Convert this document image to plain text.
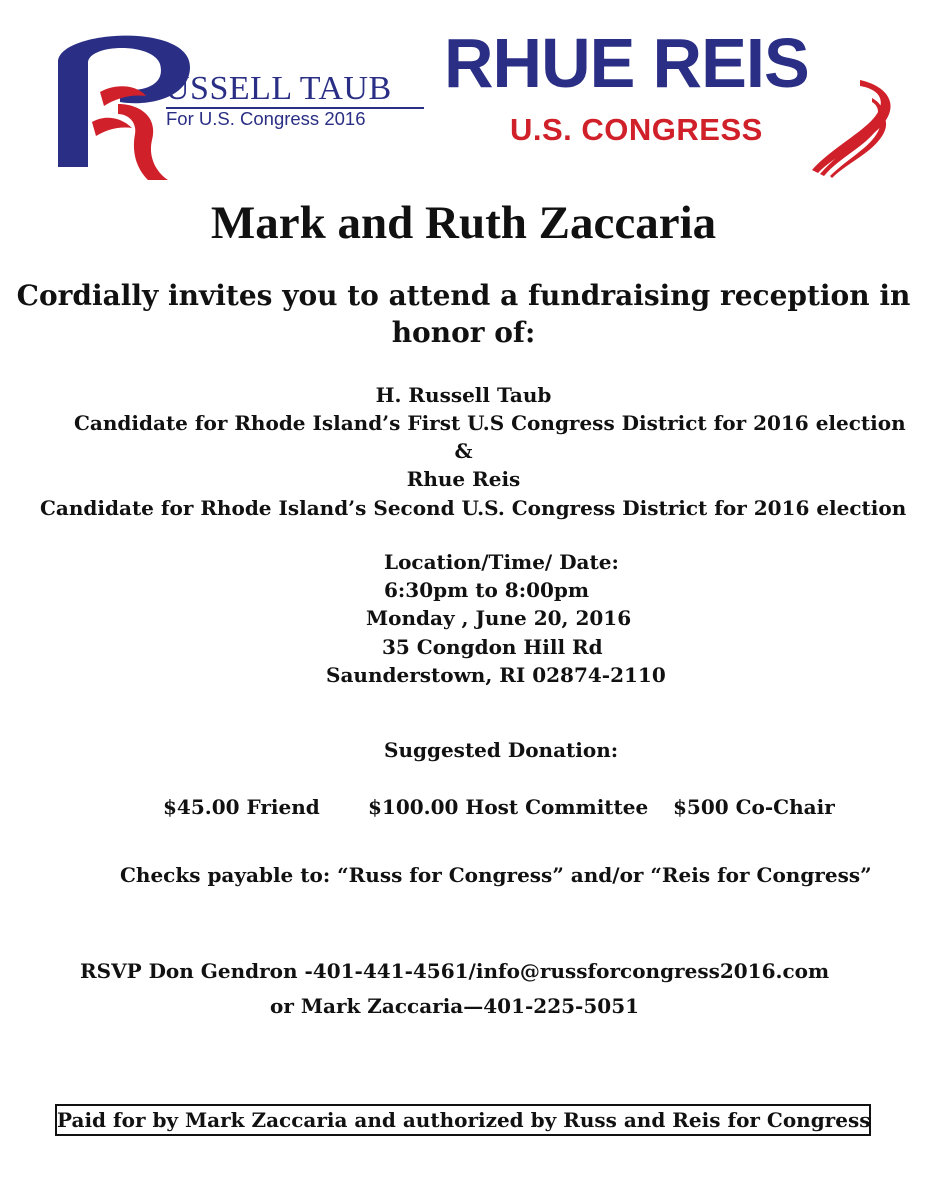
USSELL TAUB
For U.S. Congress 2016
RHUE REIS
U.S. CONGRESS
Mark and Ruth Zaccaria
Cordially invites you to attend a fundraising reception in
honor of:
H. Russell Taub
Candidate for Rhode Island’s First U.S Congress District for 2016 election
&
Rhue Reis
Candidate for Rhode Island’s Second U.S. Congress District for 2016 election
Location/Time/ Date:
6:30pm to 8:00pm
Monday , June 20, 2016
35 Congdon Hill Rd
Saunderstown, RI 02874-2110
Suggested Donation:
$45.00 Friend $100.00 Host Committee $500 Co-Chair
Checks payable to: “Russ for Congress” and/or “Reis for Congress”
RSVP Don Gendron -401-441-4561/info@russforcongress2016.com
or Mark Zaccaria—401-225-5051
Paid for by Mark Zaccaria and authorized by Russ and Reis for Congress
